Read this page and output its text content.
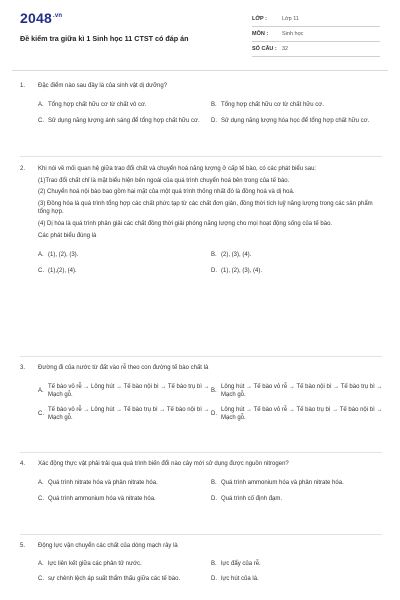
$2048^{.vn}$
Đề kiểm tra giữa kì 1 Sinh học 11 CTST có đáp án
LỚP :	Lớp 11
MÔN :	Sinh học
SỐ CÂU : 32
1.	Đặc điểm nào sau đây là của sinh vật dị dưỡng?
A. Tổng hợp chất hữu cơ từ chất vô cơ.	B. Tổng hợp chất hữu cơ từ chất hữu cơ.
C. Sử dụng năng lượng ánh sáng để tổng hợp chất hữu cơ.	D. Sử dụng năng lượng hóa học để tổng hợp chất hữu cơ.
2.	Khi nói về mối quan hệ giữa trao đổi chất và chuyển hoá năng lượng ở cấp tế bào, có các phát biểu sau:
(1)Trao đổi chất chỉ là mặt biểu hiện bên ngoài của quá trình chuyển hoá bên trong của tế bào.
(2) Chuyển hoá nội bào bao gồm hai mặt của một quá trình thống nhất đó là đồng hoá và dị hoá.
(3) Đồng hóa là quá trình tổng hợp các chất phức tạp từ các chất đơn giản, đồng thời tích luỹ năng lượng trong các sản phẩm tổng hợp.
(4) Dị hóa là quá trình phân giải các chất đồng thời giải phóng năng lượng cho mọi hoạt động sống của tế bào.
Các phát biểu đúng là
A. (1), (2), (3).	B. (2), (3), (4).
C. (1),(2), (4).	D. (1), (2), (3), (4).
3.	Đường đi của nước từ đất vào rễ theo con đường tế bào chất là
A.
Tế bào vỏ rễ → Lông hút → Tế bào nội bì → Tế bào trụ bì → Mạch gỗ.
B.
Lông hút → Tế bào vỏ rễ → Tế bào nội bì → Tế bào trụ bì → Mạch gỗ.
C.
Tế bào vỏ rễ → Lông hút → Tế bào trụ bì → Tế bào nội bì → Mạch gỗ.
D.
Lông hút → Tế bào vỏ rễ → Tế bào trụ bì → Tế bào nội bì → Mạch gỗ.
4.	Xác động thực vật phải trải qua quá trình biến đổi nào cây mới sử dụng được nguồn nitrogen?
A. Quá trình nitrate hóa và phản nitrate hóa.	B. Quá trình ammonium hóa và phản nitrate hóa.
C. Quá trình ammonium hóa và nitrate hóa.	D. Quá trình cố định đạm.
5.	Động lực vận chuyển các chất của dòng mạch rây là
A. lực liên kết giữa các phân tử nước.	B. lực đẩy của rễ.
C. sự chênh lệch áp suất thẩm thấu giữa các tế bào.	D. lực hút của lá.
